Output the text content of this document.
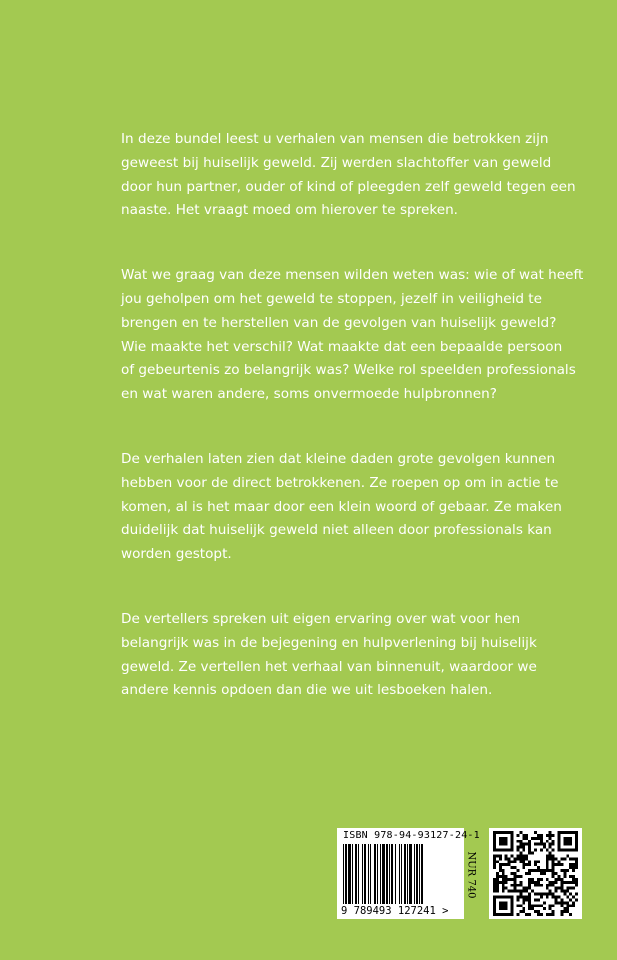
In deze bundel leest u verhalen van mensen die betrokken zijn
geweest bij huiselijk geweld. Zij werden slachtoffer van geweld
door hun partner, ouder of kind of pleegden zelf geweld tegen een
naaste. Het vraagt moed om hierover te spreken.

Wat we graag van deze mensen wilden weten was: wie of wat heeft
jou geholpen om het geweld te stoppen, jezelf in veiligheid te
brengen en te herstellen van de gevolgen van huiselijk geweld?
Wie maakte het verschil? Wat maakte dat een bepaalde persoon
of gebeurtenis zo belangrijk was? Welke rol speelden professionals
en wat waren andere, soms onvermoede hulpbronnen?

De verhalen laten zien dat kleine daden grote gevolgen kunnen
hebben voor de direct betrokkenen. Ze roepen op om in actie te
komen, al is het maar door een klein woord of gebaar. Ze maken
duidelijk dat huiselijk geweld niet alleen door professionals kan
worden gestopt.

De vertellers spreken uit eigen ervaring over wat voor hen
belangrijk was in de bejegening en hulpverlening bij huiselijk
geweld. Ze vertellen het verhaal van binnenuit, waardoor we
andere kennis opdoen dan die we uit lesboeken halen.

ISBN 978-94-93127-24-1
9 789493 127241 >
NUR 740
